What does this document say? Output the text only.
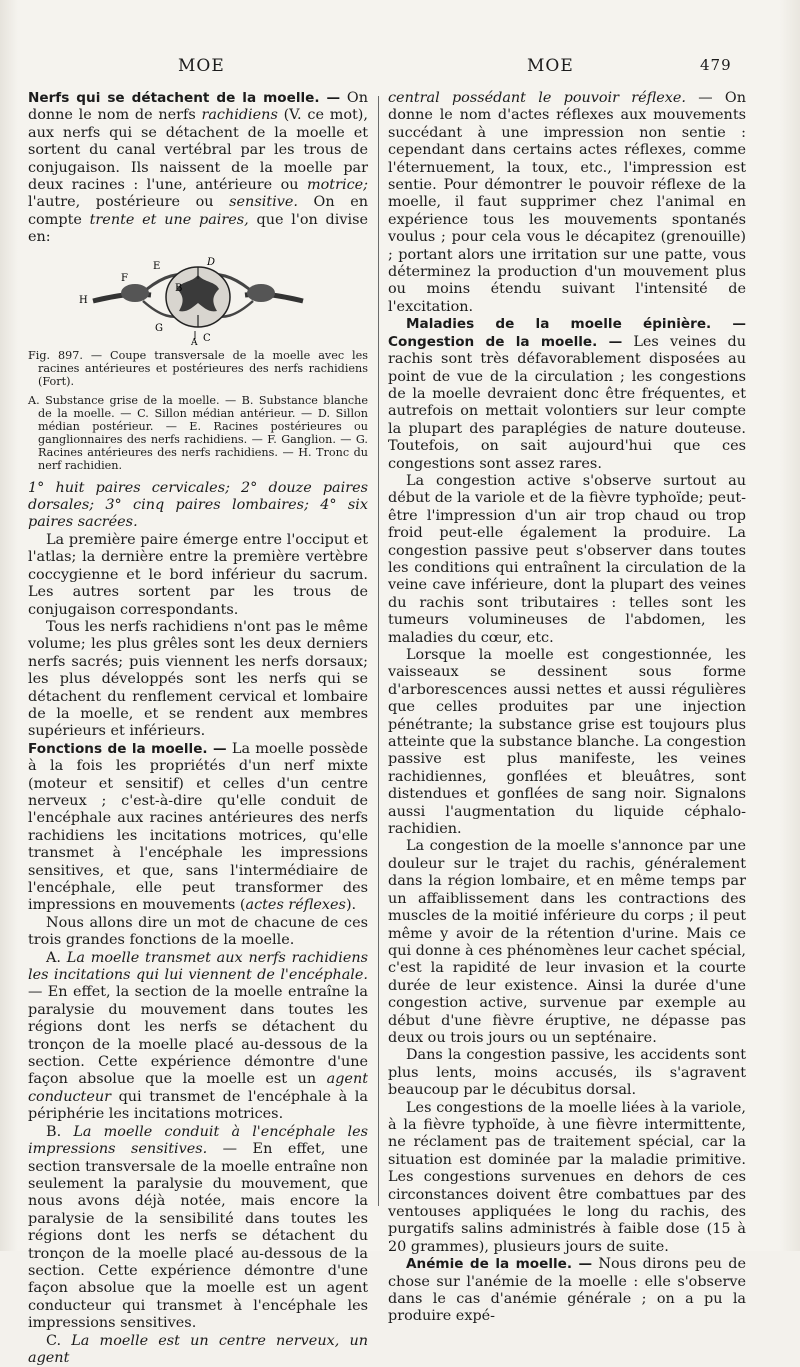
MOE	MOE	479

Nerfs qui se détachent de la moelle. — On donne le nom de nerfs rachidiens (V. ce mot), aux nerfs qui se détachent de la moelle et sortent du canal vertébral par les trous de conjugaison. Ils naissent de la moelle par deux racines : l'une, antérieure ou motrice; l'autre, postérieure ou sensitive. On en compte trente et une paires, que l'on divise en:

D
E
F
H
B
G
A C

Fig. 897. — Coupe transversale de la moelle avec les racines antérieures et postérieures des nerfs rachidiens (Fort).

A. Substance grise de la moelle. — B. Substance blanche de la moelle. — C. Sillon médian antérieur. — D. Sillon médian postérieur. — E. Racines postérieures ou ganglionnaires des nerfs rachidiens. — F. Ganglion. — G. Racines antérieures des nerfs rachidiens. — H. Tronc du nerf rachidien.

1° huit paires cervicales; 2° douze paires dorsales; 3° cinq paires lombaires; 4° six paires sacrées.

La première paire émerge entre l'occiput et l'atlas; la dernière entre la première vertèbre coccygienne et le bord inférieur du sacrum. Les autres sortent par les trous de conjugaison correspondants.

Tous les nerfs rachidiens n'ont pas le même volume; les plus grêles sont les deux derniers nerfs sacrés; puis viennent les nerfs dorsaux; les plus développés sont les nerfs qui se détachent du renflement cervical et lombaire de la moelle, et se rendent aux membres supérieurs et inférieurs.

Fonctions de la moelle. — La moelle possède à la fois les propriétés d'un nerf mixte (moteur et sensitif) et celles d'un centre nerveux ; c'est-à-dire qu'elle conduit de l'encéphale aux racines antérieures des nerfs rachidiens les incitations motrices, qu'elle transmet à l'encéphale les impressions sensitives, et que, sans l'intermédiaire de l'encéphale, elle peut transformer des impressions en mouvements (actes réflexes).

Nous allons dire un mot de chacune de ces trois grandes fonctions de la moelle.

A. La moelle transmet aux nerfs rachidiens les incitations qui lui viennent de l'encéphale. — En effet, la section de la moelle entraîne la paralysie du mouvement dans toutes les régions dont les nerfs se détachent du tronçon de la moelle placé au-dessous de la section. Cette expérience démontre d'une façon absolue que la moelle est un agent conducteur qui transmet de l'encéphale à la périphérie les incitations motrices.

B. La moelle conduit à l'encéphale les impressions sensitives. — En effet, une section transversale de la moelle entraîne non seulement la paralysie du mouvement, que nous avons déjà notée, mais encore la paralysie de la sensibilité dans toutes les régions dont les nerfs se détachent du tronçon de la moelle placé au-dessous de la section. Cette expérience démontre d'une façon absolue que la moelle est un agent conducteur qui transmet à l'encéphale les impressions sensitives.

C. La moelle est un centre nerveux, un agent

central possédant le pouvoir réflexe. — On donne le nom d'actes réflexes aux mouvements succédant à une impression non sentie : cependant dans certains actes réflexes, comme l'éternuement, la toux, etc., l'impression est sentie. Pour démontrer le pouvoir réflexe de la moelle, il faut supprimer chez l'animal en expérience tous les mouvements spontanés voulus ; pour cela vous le décapitez (grenouille) ; portant alors une irritation sur une patte, vous déterminez la production d'un mouvement plus ou moins étendu suivant l'intensité de l'excitation.

Maladies de la moelle épinière. — Congestion de la moelle. — Les veines du rachis sont très défavorablement disposées au point de vue de la circulation ; les congestions de la moelle devraient donc être fréquentes, et autrefois on mettait volontiers sur leur compte la plupart des paraplégies de nature douteuse. Toutefois, on sait aujourd'hui que ces congestions sont assez rares.

La congestion active s'observe surtout au début de la variole et de la fièvre typhoïde; peut-être l'impression d'un air trop chaud ou trop froid peut-elle également la produire. La congestion passive peut s'observer dans toutes les conditions qui entraînent la circulation de la veine cave inférieure, dont la plupart des veines du rachis sont tributaires : telles sont les tumeurs volumineuses de l'abdomen, les maladies du cœur, etc.

Lorsque la moelle est congestionnée, les vaisseaux se dessinent sous forme d'arborescences aussi nettes et aussi régulières que celles produites par une injection pénétrante; la substance grise est toujours plus atteinte que la substance blanche. La congestion passive est plus manifeste, les veines rachidiennes, gonflées et bleuâtres, sont distendues et gonflées de sang noir. Signalons aussi l'augmentation du liquide céphalo-rachidien.

La congestion de la moelle s'annonce par une douleur sur le trajet du rachis, généralement dans la région lombaire, et en même temps par un affaiblissement dans les contractions des muscles de la moitié inférieure du corps ; il peut même y avoir de la rétention d'urine. Mais ce qui donne à ces phénomènes leur cachet spécial, c'est la rapidité de leur invasion et la courte durée de leur existence. Ainsi la durée d'une congestion active, survenue par exemple au début d'une fièvre éruptive, ne dépasse pas deux ou trois jours ou un septénaire.

Dans la congestion passive, les accidents sont plus lents, moins accusés, ils s'agravent beaucoup par le décubitus dorsal.

Les congestions de la moelle liées à la variole, à la fièvre typhoïde, à une fièvre intermittente, ne réclament pas de traitement spécial, car la situation est dominée par la maladie primitive. Les congestions survenues en dehors de ces circonstances doivent être combattues par des ventouses appliquées le long du rachis, des purgatifs salins administrés à faible dose (15 à 20 grammes), plusieurs jours de suite.

Anémie de la moelle. — Nous dirons peu de chose sur l'anémie de la moelle : elle s'observe dans le cas d'anémie générale ; on a pu la produire expé-
